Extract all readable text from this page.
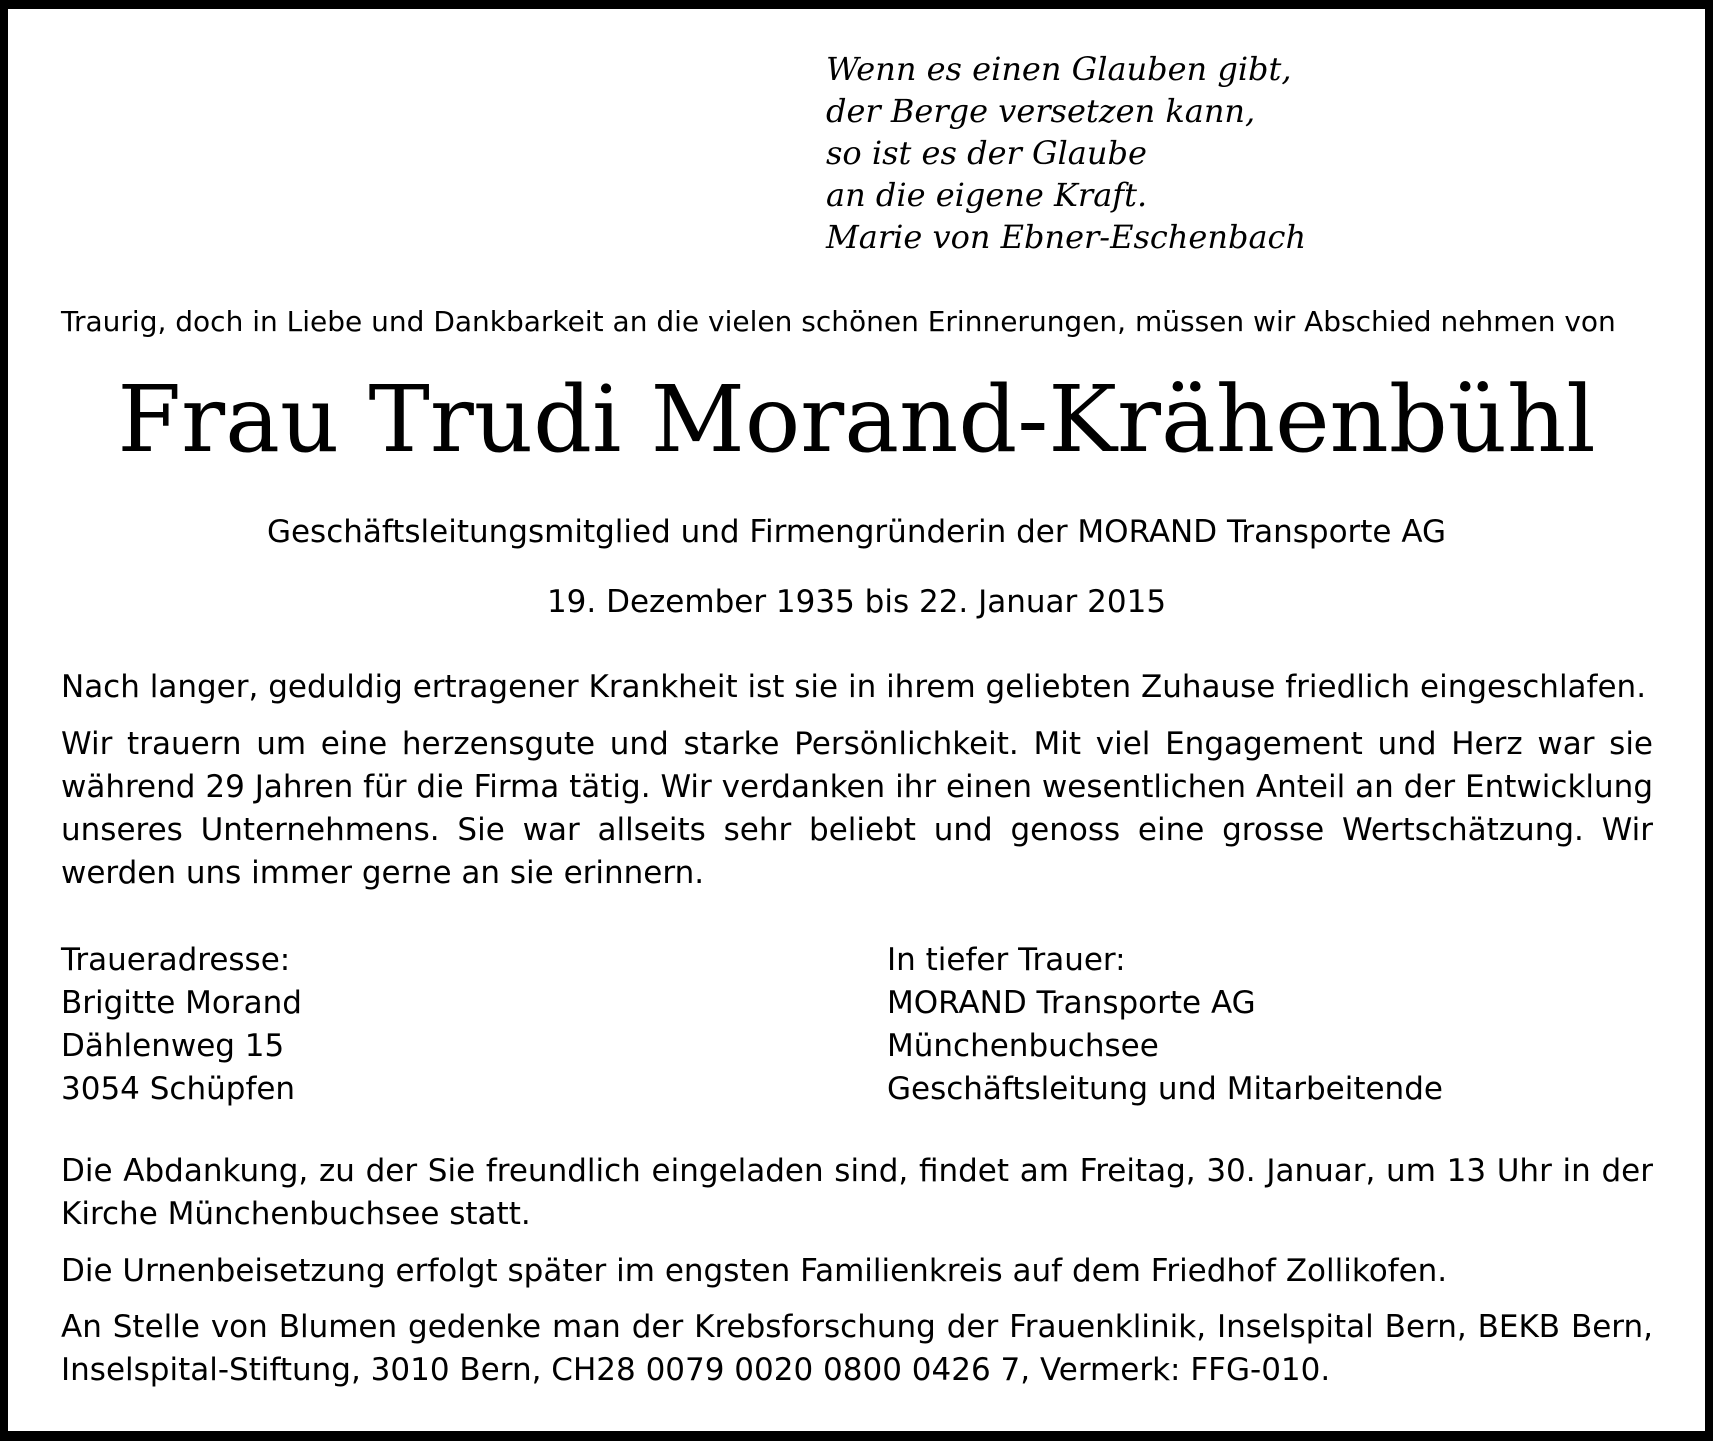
Wenn es einen Glauben gibt,
der Berge versetzen kann,
so ist es der Glaube
an die eigene Kraft.
Marie von Ebner-Eschenbach
Traurig, doch in Liebe und Dankbarkeit an die vielen schönen Erinnerungen, müssen wir Abschied nehmen von
Frau Trudi Morand-Krähenbühl
Geschäftsleitungsmitglied und Firmengründerin der MORAND Transporte AG
19. Dezember 1935 bis 22. Januar 2015
Nach langer, geduldig ertragener Krankheit ist sie in ihrem geliebten Zuhause friedlich eingeschlafen.
Wir trauern um eine herzensgute und starke Persönlichkeit. Mit viel Engagement und Herz war sie während 29 Jahren für die Firma tätig. Wir verdanken ihr einen wesentlichen Anteil an der Entwicklung unseres Unternehmens. Sie war allseits sehr beliebt und genoss eine grosse Wertschätzung. Wir werden uns immer gerne an sie erinnern.
Traueradresse:
Brigitte Morand
Dählenweg 15
3054 Schüpfen
In tiefer Trauer:
MORAND Transporte AG
Münchenbuchsee
Geschäftsleitung und Mitarbeitende
Die Abdankung, zu der Sie freundlich eingeladen sind, findet am Freitag, 30. Januar, um 13 Uhr in der Kirche Münchenbuchsee statt.
Die Urnenbeisetzung erfolgt später im engsten Familienkreis auf dem Friedhof Zollikofen.
An Stelle von Blumen gedenke man der Krebsforschung der Frauenklinik, Inselspital Bern, BEKB Bern, Inselspital-Stiftung, 3010 Bern, CH28 0079 0020 0800 0426 7, Vermerk: FFG-010.
